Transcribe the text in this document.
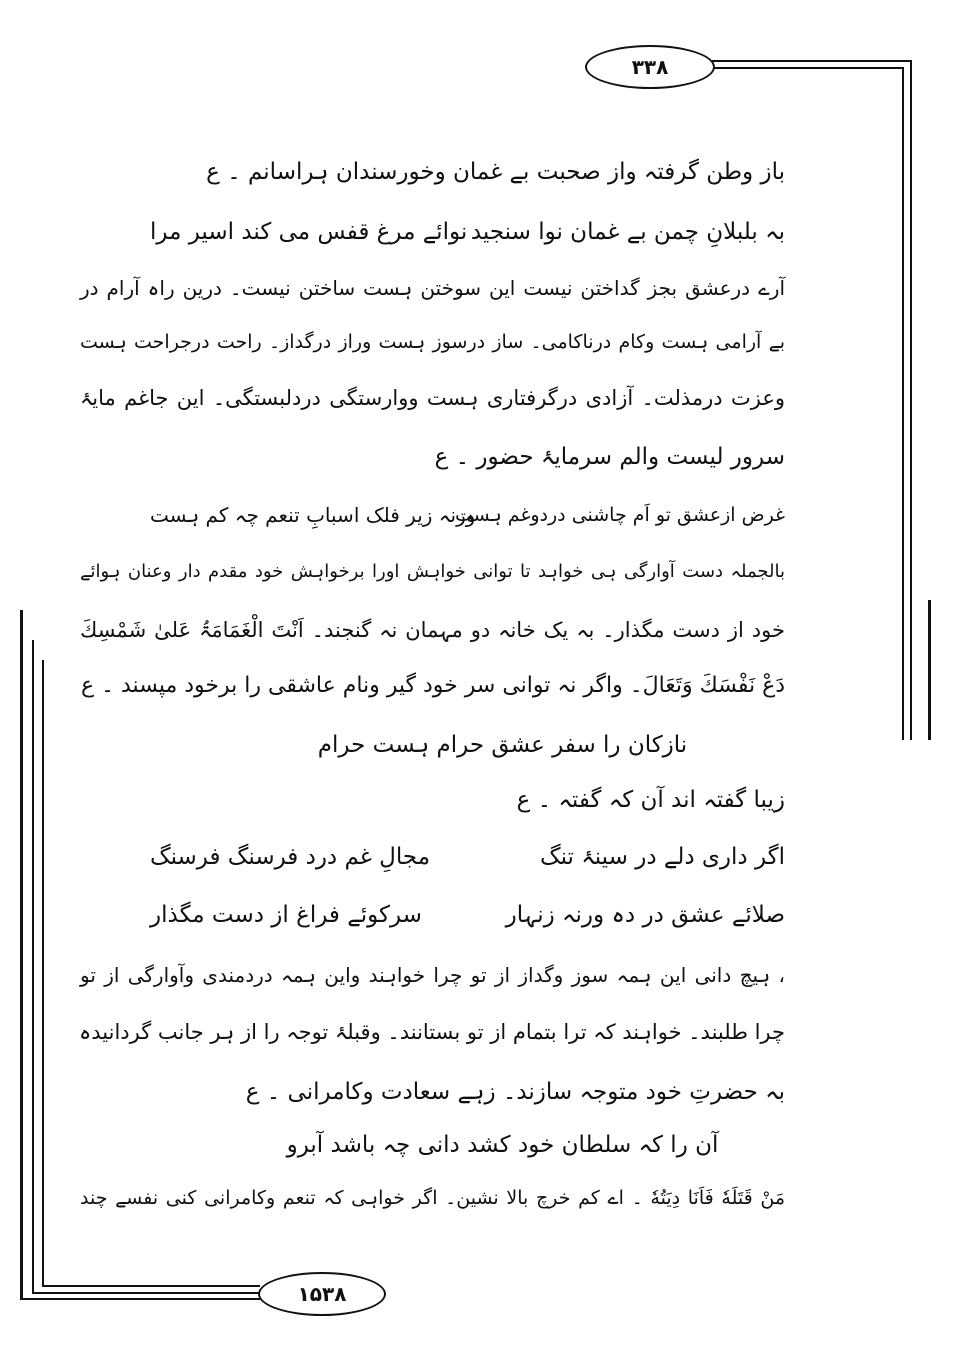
۳۳۸
۱۵۳۸
باز وطن گرفتہ واز صحبت بے غمان وخورسندان ہراسانم ۔ ع
بہ بلبلانِ چمن بے غمان نوا سنجید
نوائے مرغ قفس می کند اسیر مرا
آرے درعشق بجز گداختن نیست این سوختن ہست ساختن نیست۔ درین راہ آرام در
بے آرامی ہست وکام درناکامی۔ ساز درسوز ہست وراز درگداز۔ راحت درجراحت ہست
وعزت درمذلت۔ آزادی درگرفتاری ہست ووارستگی دردلبستگی۔ این جاغم مایۂ
سرور لیست والم سرمایۂ حضور ۔ ع
غرض ازعشق تو اَم چاشنی دردوغم ہست
ورنہ زیر فلک اسبابِ تنعم چہ کم ہست
بالجملہ دست آوارگی ہی خواہد تا توانی خواہش اورا برخواہش خود مقدم دار وعنان ہوائے
خود از دست مگذار۔ بہ یک خانہ دو مہمان نہ گنجند۔ اَنْتَ الْغَمَامَۃُ عَلیٰ شَمْسِكَ
دَعْ نَفْسَكَ وَتَعَالَ۔ واگر نہ توانی سر خود گیر ونام عاشقی را برخود مپسند ۔ ع
نازکان را سفر عشق حرام ہست حرام
زیبا گفتہ اند آن کہ گفتہ ۔ ع
اگر داری دلے در سینۂ تنگ
مجالِ غم درد فرسنگ فرسنگ
صلائے عشق در دہ ورنہ زنہار
سرکوئے فراغ از دست مگذار
، ہیچ دانی این ہمہ سوز وگداز از تو چرا خواہند واین ہمہ دردمندی وآوارگی از تو
چرا طلبند۔ خواہند کہ ترا بتمام از تو بستانند۔ وقبلۂ توجہ را از ہر جانب گردانیدہ
بہ حضرتِ خود متوجہ سازند۔ زہے سعادت وکامرانی ۔ ع
آن را کہ سلطان خود کشد دانی چہ باشد آبرو
مَنْ قَتَلَهٗ فَاَنَا دِيَتُهٗ ۔ اے کم خرچ بالا نشین۔ اگر خواہی کہ تنعم وکامرانی کنی نفسے چند
